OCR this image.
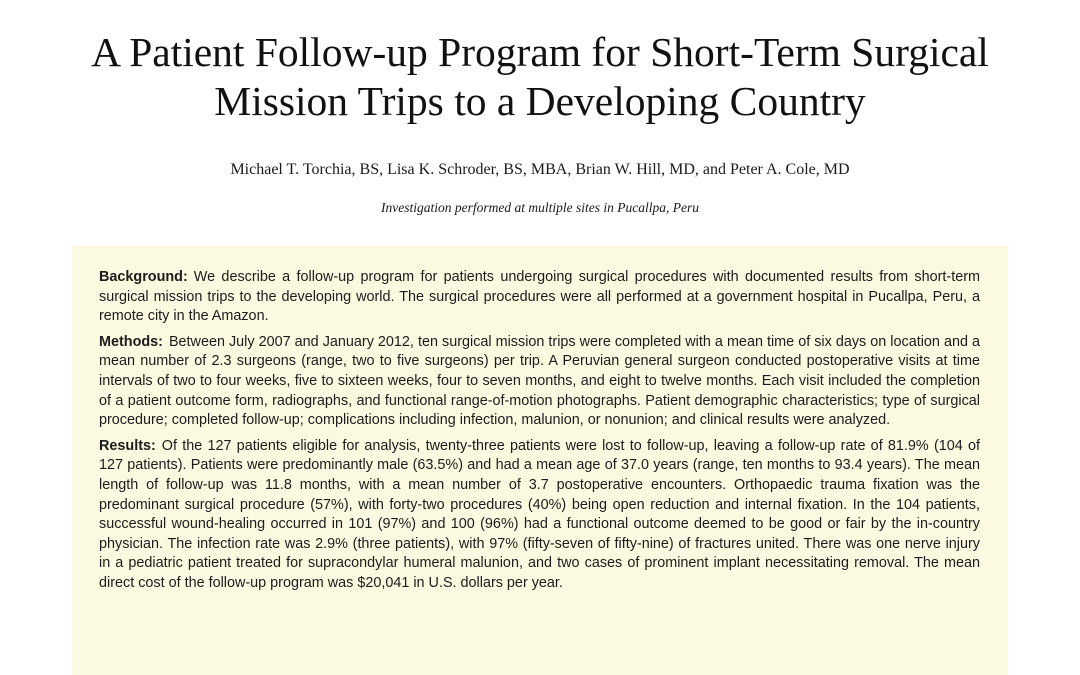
A Patient Follow-up Program for Short-Term Surgical
Mission Trips to a Developing Country
Michael T. Torchia, BS, Lisa K. Schroder, BS, MBA, Brian W. Hill, MD, and Peter A. Cole, MD
Investigation performed at multiple sites in Pucallpa, Peru

Background: We describe a follow-up program for patients undergoing surgical procedures with documented results from short-term surgical mission trips to the developing world. The surgical procedures were all performed at a government hospital in Pucallpa, Peru, a remote city in the Amazon.

Methods: Between July 2007 and January 2012, ten surgical mission trips were completed with a mean time of six days on location and a mean number of 2.3 surgeons (range, two to five surgeons) per trip. A Peruvian general surgeon conducted postoperative visits at time intervals of two to four weeks, five to sixteen weeks, four to seven months, and eight to twelve months. Each visit included the completion of a patient outcome form, radiographs, and functional range-of-motion photographs. Patient demographic characteristics; type of surgical procedure; completed follow-up; complications including infection, malunion, or nonunion; and clinical results were analyzed.

Results: Of the 127 patients eligible for analysis, twenty-three patients were lost to follow-up, leaving a follow-up rate of 81.9% (104 of 127 patients). Patients were predominantly male (63.5%) and had a mean age of 37.0 years (range, ten months to 93.4 years). The mean length of follow-up was 11.8 months, with a mean number of 3.7 postoperative encounters. Orthopaedic trauma fixation was the predominant surgical procedure (57%), with forty-two procedures (40%) being open reduction and internal fixation. In the 104 patients, successful wound-healing occurred in 101 (97%) and 100 (96%) had a functional outcome deemed to be good or fair by the in-country physician. The infection rate was 2.9% (three patients), with 97% (fifty-seven of fifty-nine) of fractures united. There was one nerve injury in a pediatric patient treated for supracondylar humeral malunion, and two cases of prominent implant necessitating removal. The mean direct cost of the follow-up program was $20,041 in U.S. dollars per year.
